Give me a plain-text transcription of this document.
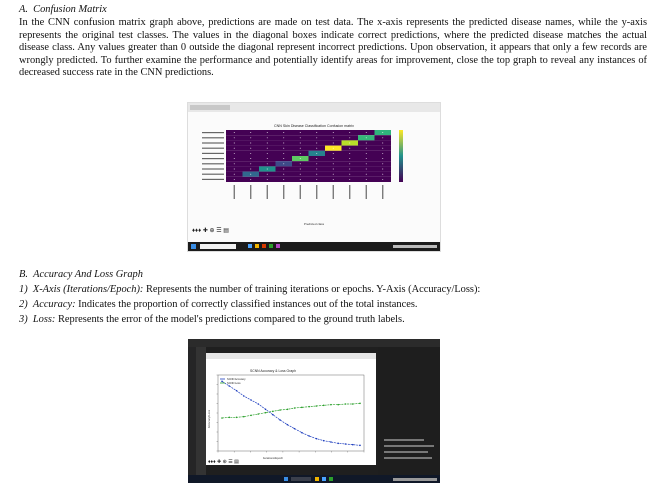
A. Confusion Matrix
In the CNN confusion matrix graph above, predictions are made on test data. The x-axis represents the predicted disease names, while the y-axis represents the original test classes. The values in the diagonal boxes indicate correct predictions, where the predicted disease matches the actual disease class. Any values greater than 0 outside the diagonal represent incorrect predictions. Upon observation, it appears that only a few records are wrongly predicted. To further examine the performance and potentially identify areas for improvement, close the top graph to reveal any instances of decreased success rate in the CNN predictions.
CNN Skin Disease Classification Confusion matrix
Predicted class
♦♦♦ ✚ ⊕ ☰ ▤
B. Accuracy And Loss Graph
1) X-Axis (Iterations/Epoch): Represents the number of training iterations or epochs. Y-Axis (Accuracy/Loss):
2) Accuracy: Indicates the proportion of correctly classified instances out of the total instances.
3) Loss: Represents the error of the model's predictions compared to the ground truth labels.
SCNN Accuracy & Loss Graph
SCNN Accuracy
SCNN Loss
Iterations/Epoch
Accuracy/Loss
♦♦♦ ✚ ⊕ ☰ ▤
